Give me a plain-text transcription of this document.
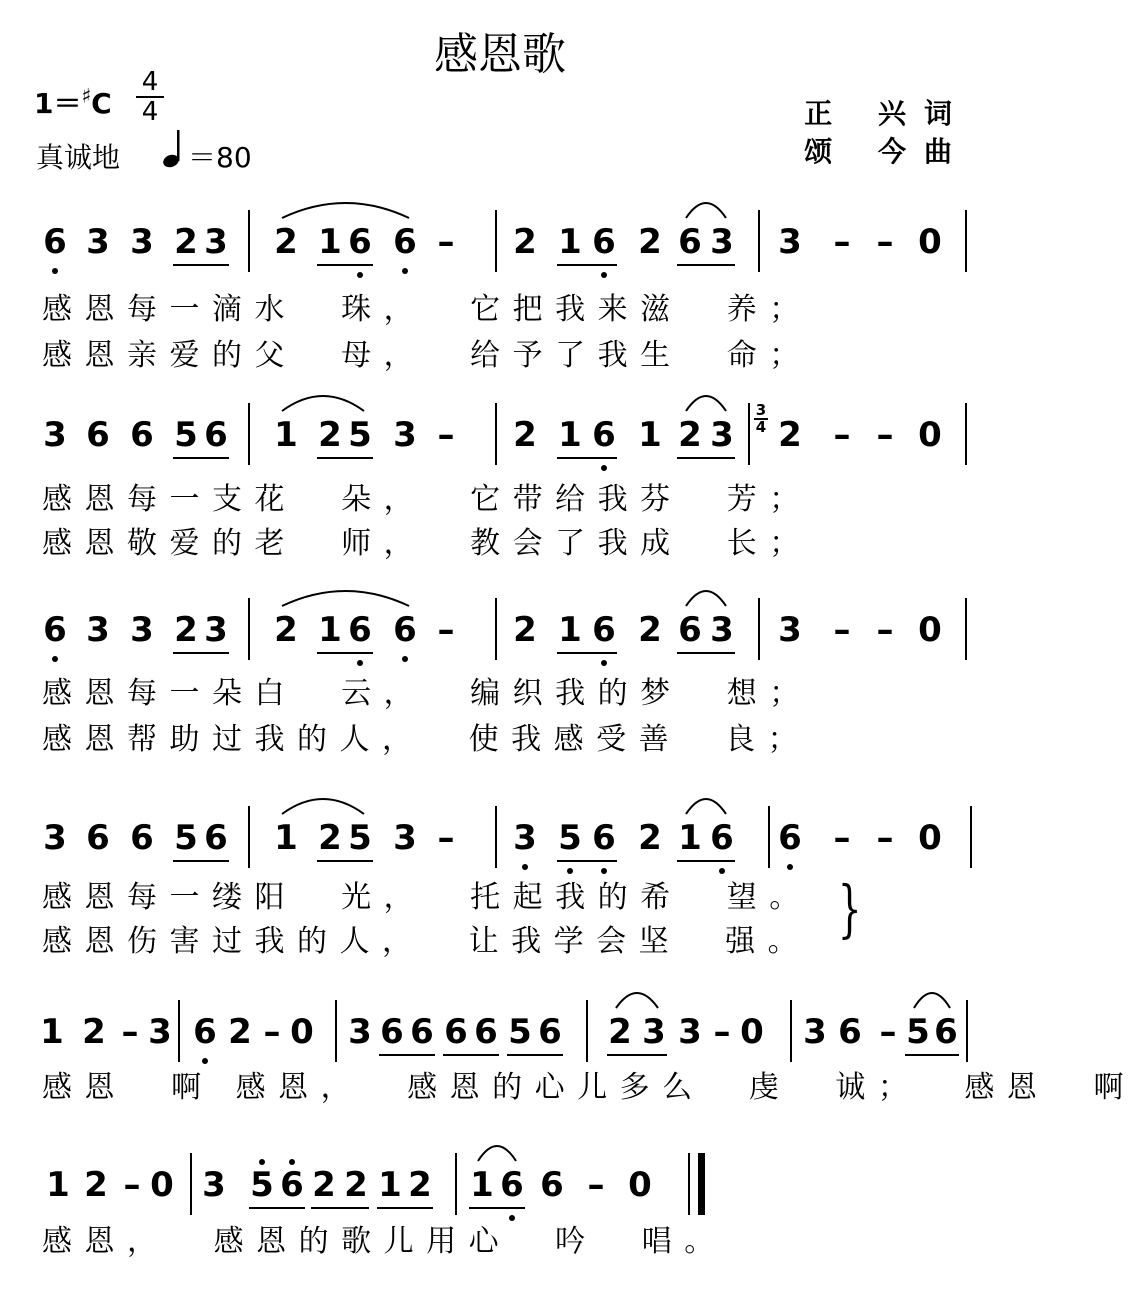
感恩歌
1＝♯C
4
4
真诚地 ＝80
正 兴词
颂 今曲
6 3 3 2 3 2 1 6 6 – 2 1 6 2 6 3 3 – – 0
感恩每一滴水  珠，  它把我来滋  养；
感恩亲爱的父  母，  给予了我生  命；
3 6 6 5 6 1 2 5 3 – 2 1 6 1 2 3 2 – – 0
3
4
感恩每一支花  朵，  它带给我芬  芳；
感恩敬爱的老  师，  教会了我成  长；
6 3 3 2 3 2 1 6 6 – 2 1 6 2 6 3 3 – – 0
感恩每一朵白  云，  编织我的梦  想；
感恩帮助过我的人，  使我感受善  良；
3 6 6 5 6 1 2 5 3 – 3 5 6 2 1 6 6 – – 0
感恩每一缕阳  光，  托起我的希  望。
感恩伤害过我的人，  让我学会坚  强。 }
1 2 – 3 6 2 – 0 3 6 6 6 6 5 6 2 3 3 – 0 3 6 – 5 6
感恩  啊 感恩，  感恩的心儿多么  虔  诚；  感恩  啊
1 2 – 0 3 5 6 2 2 1 2 1 6 6 – 0
感恩，  感恩的歌儿用心  吟  唱。
